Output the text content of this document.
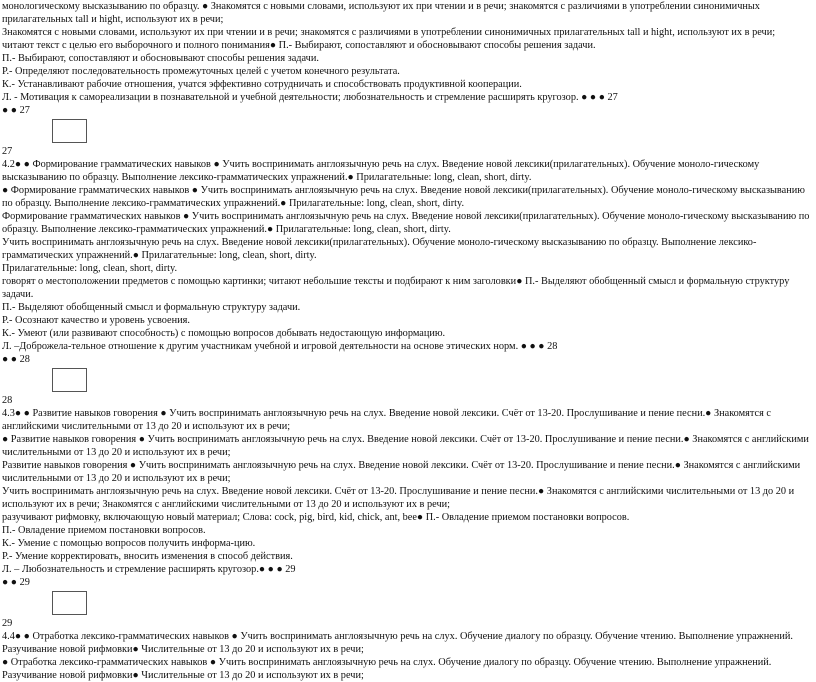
монологическому высказыванию по образцу. ● Знакомятся с новыми словами, используют их при чтении и в речи; знакомятся с различиями в употреблении синонимичных прилагательных tall и hight, используют их в речи;
Знакомятся с новыми словами, используют их при чтении и в речи; знакомятся с различиями в употреблении синонимичных прилагательных tall и hight, используют их в речи;
читают текст с целью его выборочного и полного понимания● П.- Выбирают, сопоставляют и обосновывают способы решения задачи.
П.- Выбирают, сопоставляют и обосновывают способы решения задачи.
Р.- Определяют последовательность промежуточных целей с учетом конечного результата.
К.- Устанавливают рабочие отношения, учатся эффективно сотрудничать и способствовать продуктивной кооперации.
Л. - Мотивация к самореализации в познавательной и учебной деятельности; любознательность и стремление расширять кругозор. ● ● ● 27
● ● 27
27
4.2● ● Формирование грамматических навыков ● Учить воспринимать англоязычную речь на слух. Введение новой лексики(прилагательных). Обучение моноло-гическому высказыванию по образцу. Выполнение лексико-грамматических упражнений.● Прилагательные: long, clean, short, dirty.
● Формирование грамматических навыков ● Учить воспринимать англоязычную речь на слух. Введение новой лексики(прилагательных). Обучение моноло-гическому высказыванию по образцу. Выполнение лексико-грамматических упражнений.● Прилагательные: long, clean, short, dirty.
Формирование грамматических навыков ● Учить воспринимать англоязычную речь на слух. Введение новой лексики(прилагательных). Обучение моноло-гическому высказыванию по образцу. Выполнение лексико-грамматических упражнений.● Прилагательные: long, clean, short, dirty.
Учить воспринимать англоязычную речь на слух. Введение новой лексики(прилагательных). Обучение моноло-гическому высказыванию по образцу. Выполнение лексико-грамматических упражнений.● Прилагательные: long, clean, short, dirty.
Прилагательные: long, clean, short, dirty.
говорят о местоположении предметов с помощью картинки; читают небольшие тексты и подбирают к ним заголовки● П.- Выделяют обобщенный смысл и формальную структуру задачи.
П.- Выделяют обобщенный смысл и формальную структуру задачи.
Р.- Осознают качество и уровень усвоения.
К.- Умеют (или развивают способность) с помощью вопросов добывать недостающую информацию.
Л. –Доброжела-тельное отношение к другим участникам учебной и игровой деятельности на основе этических норм. ● ● ● 28
● ● 28
28
4.3● ● Развитие навыков говорения ● Учить воспринимать англоязычную речь на слух. Введение новой лексики. Счёт от 13-20. Прослушивание и пение песни.● Знакомятся с английскими числительными от 13 до 20 и используют их в речи;
● Развитие навыков говорения ● Учить воспринимать англоязычную речь на слух. Введение новой лексики. Счёт от 13-20. Прослушивание и пение песни.● Знакомятся с английскими числительными от 13 до 20 и используют их в речи;
Развитие навыков говорения ● Учить воспринимать англоязычную речь на слух. Введение новой лексики. Счёт от 13-20. Прослушивание и пение песни.● Знакомятся с английскими числительными от 13 до 20 и используют их в речи;
Учить воспринимать англоязычную речь на слух. Введение новой лексики. Счёт от 13-20. Прослушивание и пение песни.● Знакомятся с английскими числительными от 13 до 20 и используют их в речи; Знакомятся с английскими числительными от 13 до 20 и используют их в речи;
разучивают рифмовку, включающую новый материал; Слова: cock, pig, bird, kid, chick, ant, bee● П.- Овладение приемом постановки вопросов.
П.- Овладение приемом постановки вопросов.
К.- Умение с помощью вопросов получить информа-цию.
Р.- Умение корректировать, вносить изменения в способ действия.
Л. – Любознательность и стремление расширять кругозор.● ● ● 29
● ● 29
29
4.4● ● Отработка лексико-грамматических навыков ● Учить воспринимать англоязычную речь на слух. Обучение диалогу по образцу. Обучение чтению. Выполнение упражнений. Разучивание новой рифмовки● Числительные от 13 до 20 и используют их в речи;
● Отработка лексико-грамматических навыков ● Учить воспринимать англоязычную речь на слух. Обучение диалогу по образцу. Обучение чтению. Выполнение упражнений. Разучивание новой рифмовки● Числительные от 13 до 20 и используют их в речи;
